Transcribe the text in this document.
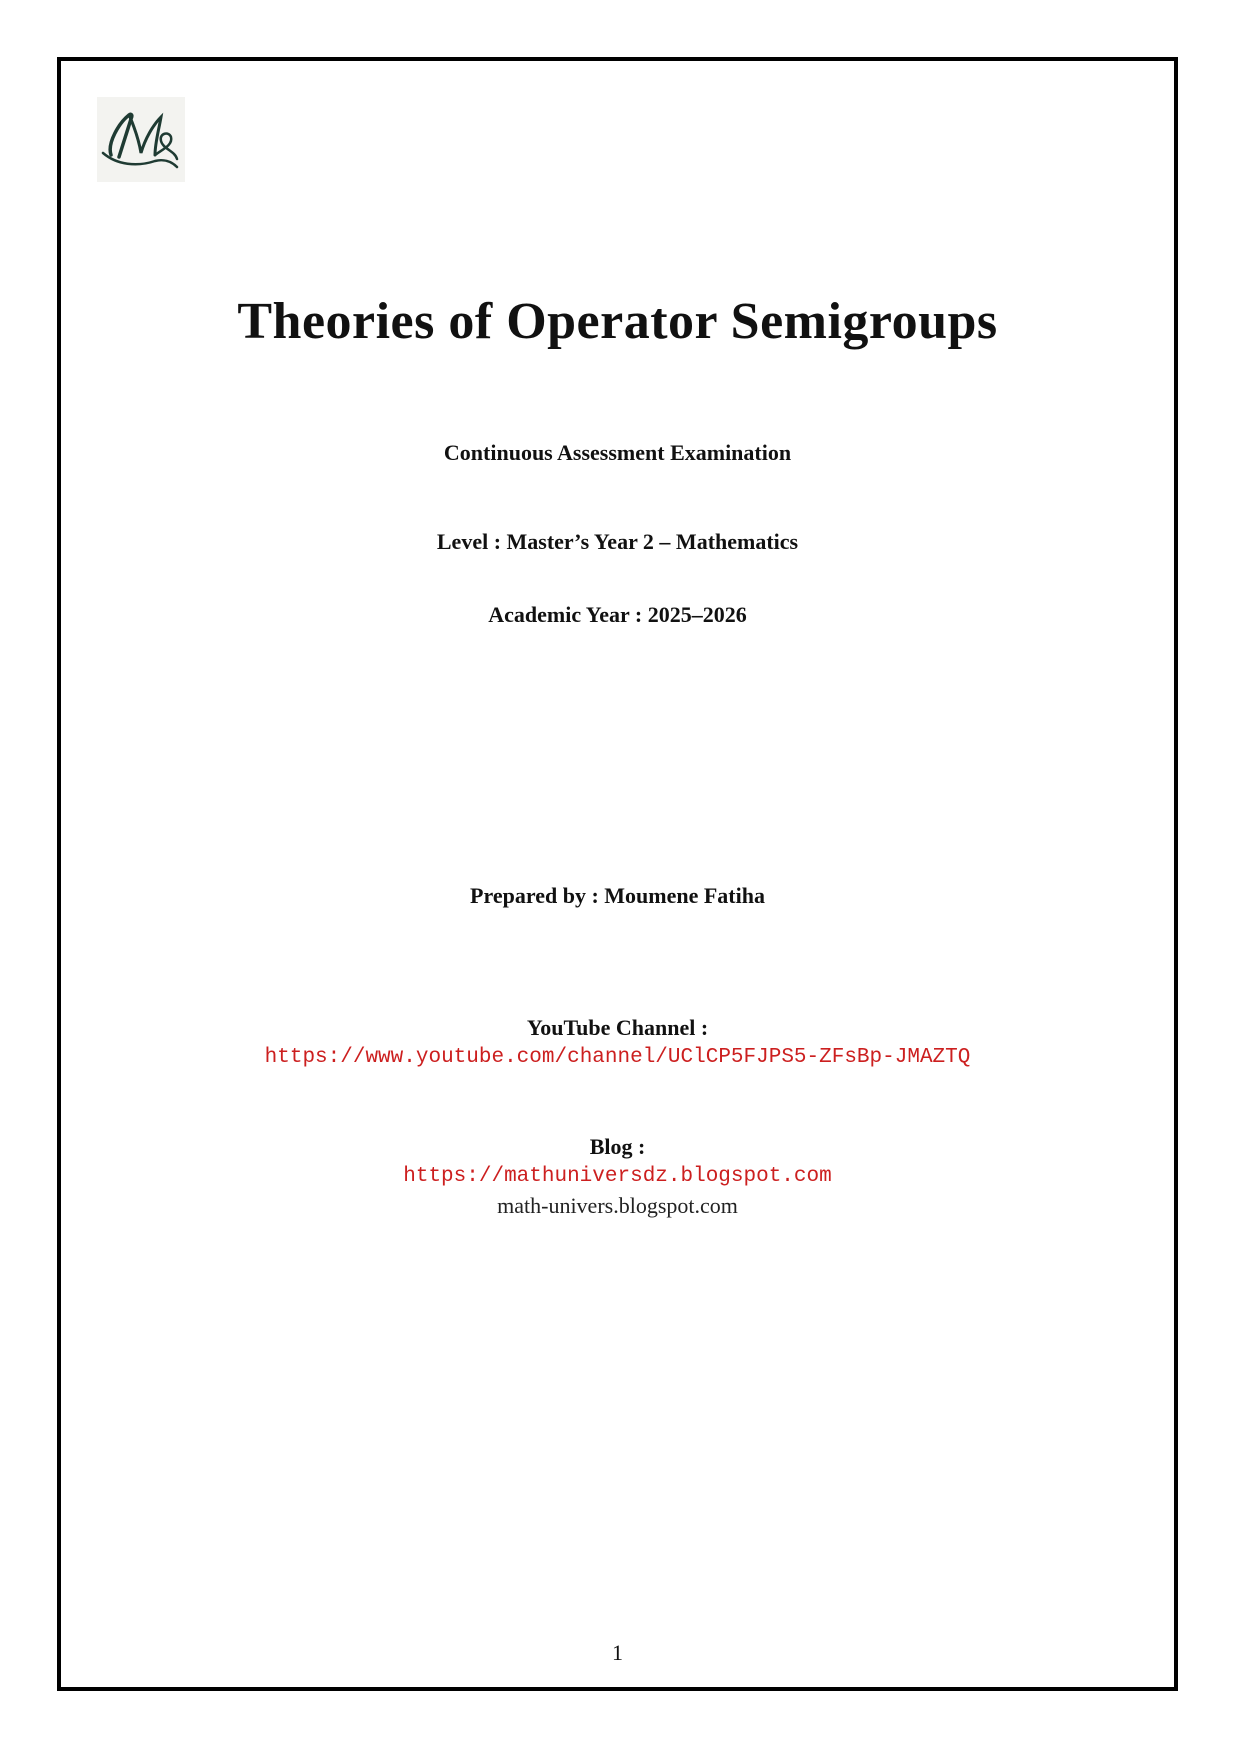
Theories of Operator Semigroups
Continuous Assessment Examination
Level : Master’s Year 2 – Mathematics
Academic Year : 2025–2026
Prepared by : Moumene Fatiha
YouTube Channel :
https://www.youtube.com/channel/UClCP5FJPS5-ZFsBp-JMAZTQ
Blog :
https://mathuniversdz.blogspot.com
math-univers.blogspot.com
1
